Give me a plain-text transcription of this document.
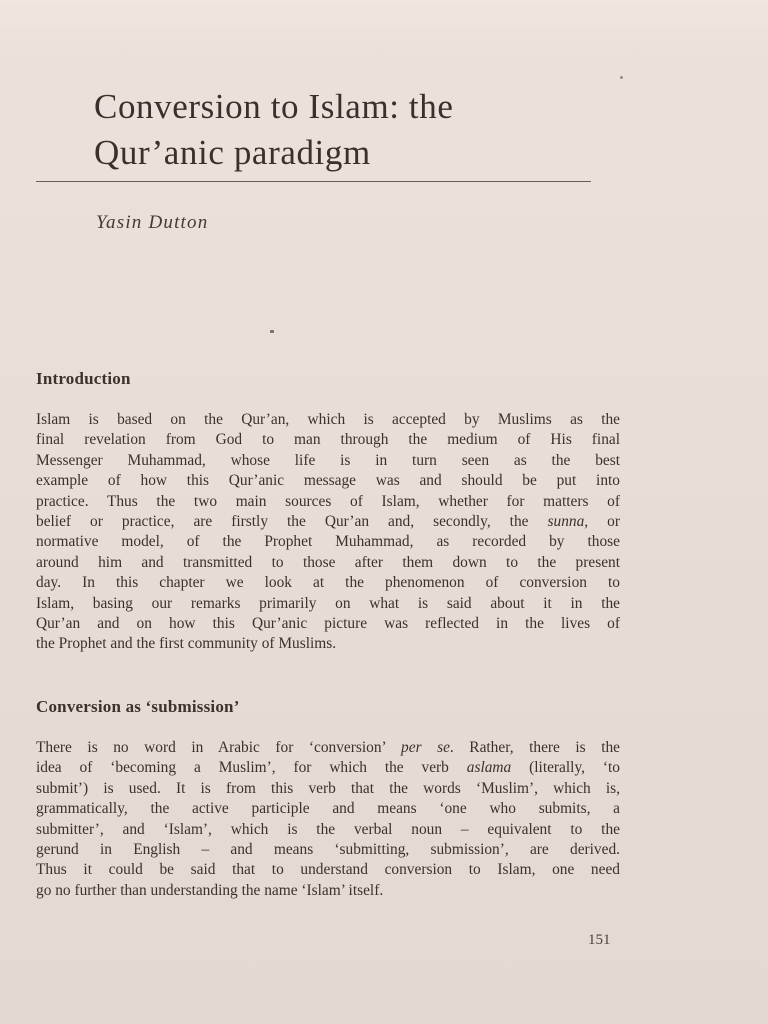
Conversion to Islam: the
Qur’anic paradigm
Yasin Dutton
Introduction
Islam is based on the Qur’an, which is accepted by Muslims as the
final revelation from God to man through the medium of His final
Messenger Muhammad, whose life is in turn seen as the best
example of how this Qur’anic message was and should be put into
practice. Thus the two main sources of Islam, whether for matters of
belief or practice, are firstly the Qur’an and, secondly, the sunna, or
normative model, of the Prophet Muhammad, as recorded by those
around him and transmitted to those after them down to the present
day. In this chapter we look at the phenomenon of conversion to
Islam, basing our remarks primarily on what is said about it in the
Qur’an and on how this Qur’anic picture was reflected in the lives of
the Prophet and the first community of Muslims.
Conversion as ‘submission’
There is no word in Arabic for ‘conversion’ per se. Rather, there is the
idea of ‘becoming a Muslim’, for which the verb aslama (literally, ‘to
submit’) is used. It is from this verb that the words ‘Muslim’, which is,
grammatically, the active participle and means ‘one who submits, a
submitter’, and ‘Islam’, which is the verbal noun – equivalent to the
gerund in English – and means ‘submitting, submission’, are derived.
Thus it could be said that to understand conversion to Islam, one need
go no further than understanding the name ‘Islam’ itself.
151
